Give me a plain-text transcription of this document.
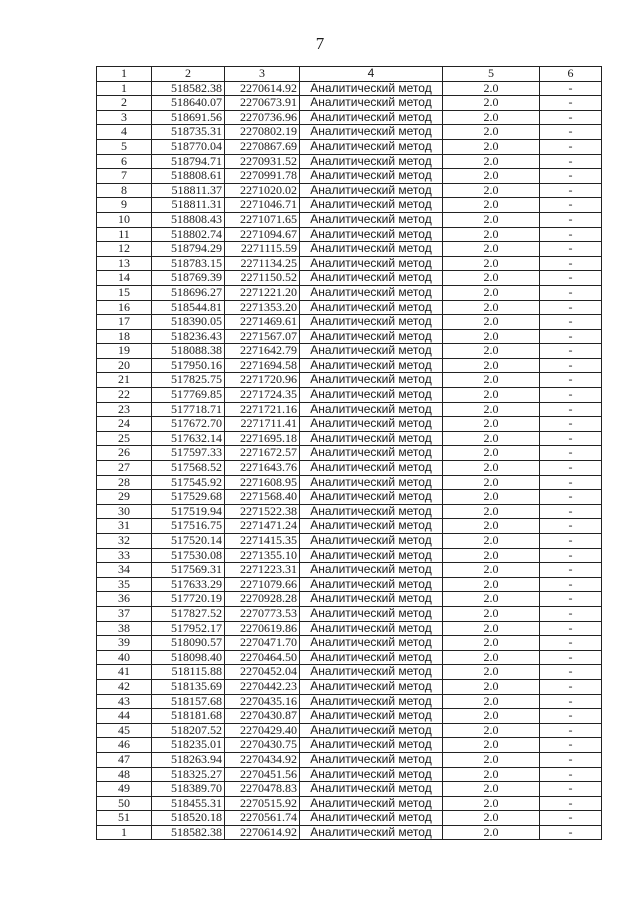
7
1	2	3	4	5	6
1	518582.38	2270614.92	Аналитический метод	2.0	-
2	518640.07	2270673.91	Аналитический метод	2.0	-
3	518691.56	2270736.96	Аналитический метод	2.0	-
4	518735.31	2270802.19	Аналитический метод	2.0	-
5	518770.04	2270867.69	Аналитический метод	2.0	-
6	518794.71	2270931.52	Аналитический метод	2.0	-
7	518808.61	2270991.78	Аналитический метод	2.0	-
8	518811.37	2271020.02	Аналитический метод	2.0	-
9	518811.31	2271046.71	Аналитический метод	2.0	-
10	518808.43	2271071.65	Аналитический метод	2.0	-
11	518802.74	2271094.67	Аналитический метод	2.0	-
12	518794.29	2271115.59	Аналитический метод	2.0	-
13	518783.15	2271134.25	Аналитический метод	2.0	-
14	518769.39	2271150.52	Аналитический метод	2.0	-
15	518696.27	2271221.20	Аналитический метод	2.0	-
16	518544.81	2271353.20	Аналитический метод	2.0	-
17	518390.05	2271469.61	Аналитический метод	2.0	-
18	518236.43	2271567.07	Аналитический метод	2.0	-
19	518088.38	2271642.79	Аналитический метод	2.0	-
20	517950.16	2271694.58	Аналитический метод	2.0	-
21	517825.75	2271720.96	Аналитический метод	2.0	-
22	517769.85	2271724.35	Аналитический метод	2.0	-
23	517718.71	2271721.16	Аналитический метод	2.0	-
24	517672.70	2271711.41	Аналитический метод	2.0	-
25	517632.14	2271695.18	Аналитический метод	2.0	-
26	517597.33	2271672.57	Аналитический метод	2.0	-
27	517568.52	2271643.76	Аналитический метод	2.0	-
28	517545.92	2271608.95	Аналитический метод	2.0	-
29	517529.68	2271568.40	Аналитический метод	2.0	-
30	517519.94	2271522.38	Аналитический метод	2.0	-
31	517516.75	2271471.24	Аналитический метод	2.0	-
32	517520.14	2271415.35	Аналитический метод	2.0	-
33	517530.08	2271355.10	Аналитический метод	2.0	-
34	517569.31	2271223.31	Аналитический метод	2.0	-
35	517633.29	2271079.66	Аналитический метод	2.0	-
36	517720.19	2270928.28	Аналитический метод	2.0	-
37	517827.52	2270773.53	Аналитический метод	2.0	-
38	517952.17	2270619.86	Аналитический метод	2.0	-
39	518090.57	2270471.70	Аналитический метод	2.0	-
40	518098.40	2270464.50	Аналитический метод	2.0	-
41	518115.88	2270452.04	Аналитический метод	2.0	-
42	518135.69	2270442.23	Аналитический метод	2.0	-
43	518157.68	2270435.16	Аналитический метод	2.0	-
44	518181.68	2270430.87	Аналитический метод	2.0	-
45	518207.52	2270429.40	Аналитический метод	2.0	-
46	518235.01	2270430.75	Аналитический метод	2.0	-
47	518263.94	2270434.92	Аналитический метод	2.0	-
48	518325.27	2270451.56	Аналитический метод	2.0	-
49	518389.70	2270478.83	Аналитический метод	2.0	-
50	518455.31	2270515.92	Аналитический метод	2.0	-
51	518520.18	2270561.74	Аналитический метод	2.0	-
1	518582.38	2270614.92	Аналитический метод	2.0	-
